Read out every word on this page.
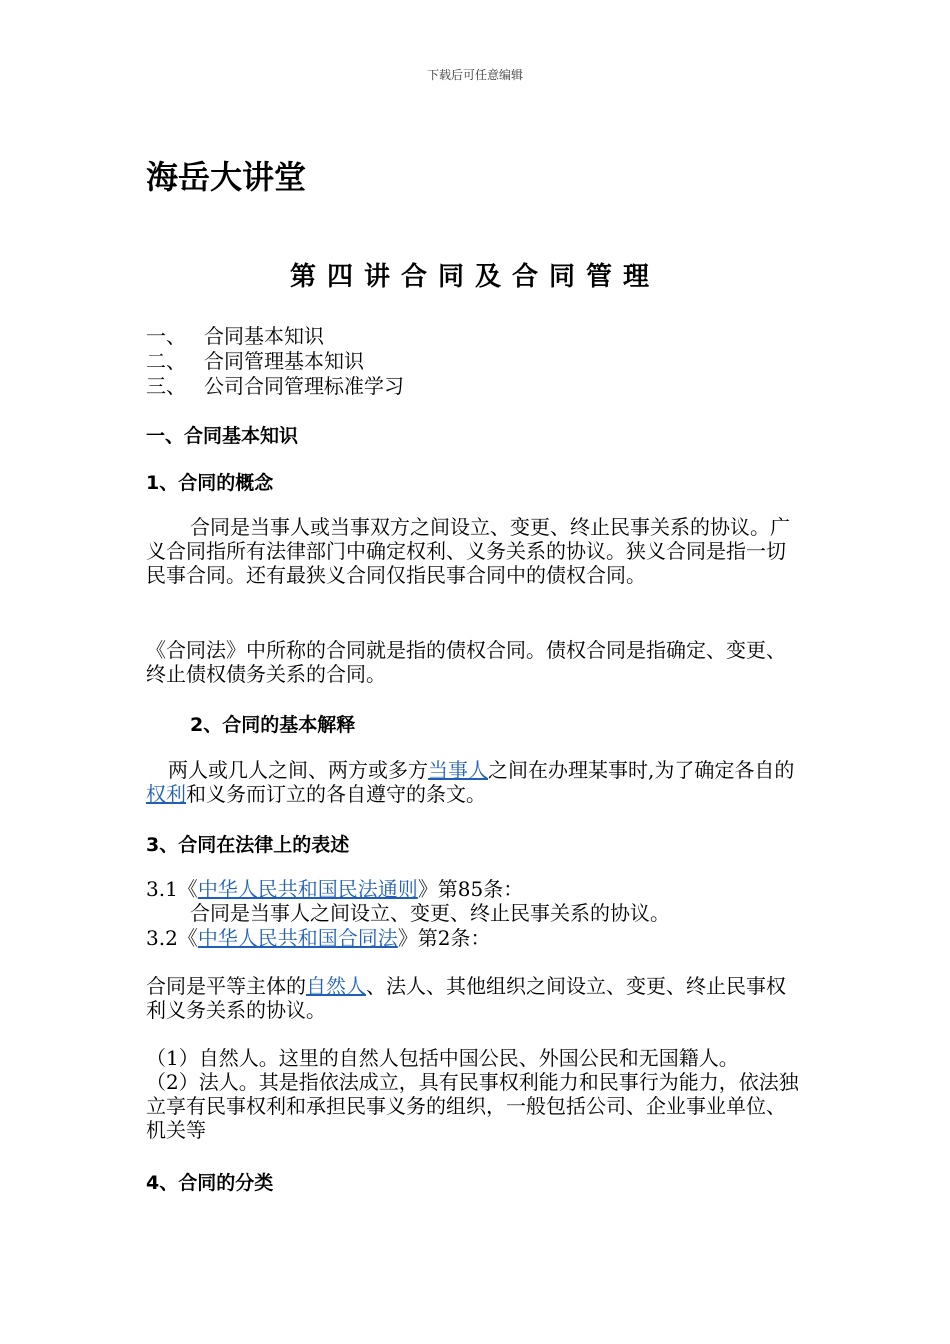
下载后可任意编辑
海岳大讲堂
第四讲合同及合同管理
一、 合同基本知识
二、 合同管理基本知识
三、 公司合同管理标准学习
一、合同基本知识
1、合同的概念
合同是当事人或当事双方之间设立、变更、终止民事关系的协议。广义合同指所有法律部门中确定权利、义务关系的协议。狭义合同是指一切民事合同。还有最狭义合同仅指民事合同中的债权合同。
《合同法》中所称的合同就是指的债权合同。债权合同是指确定、变更、终止债权债务关系的合同。
2、合同的基本解释
两人或几人之间、两方或多方当事人之间在办理某事时,为了确定各自的权利和义务而订立的各自遵守的条文。
3、合同在法律上的表述
3.1《中华人民共和国民法通则》第85条：
合同是当事人之间设立、变更、终止民事关系的协议。
3.2《中华人民共和国合同法》第2条：
合同是平等主体的自然人、法人、其他组织之间设立、变更、终止民事权利义务关系的协议。
（1）自然人。这里的自然人包括中国公民、外国公民和无国籍人。
（2）法人。其是指依法成立，具有民事权利能力和民事行为能力，依法独立享有民事权利和承担民事义务的组织，一般包括公司、企业事业单位、机关等
4、合同的分类
